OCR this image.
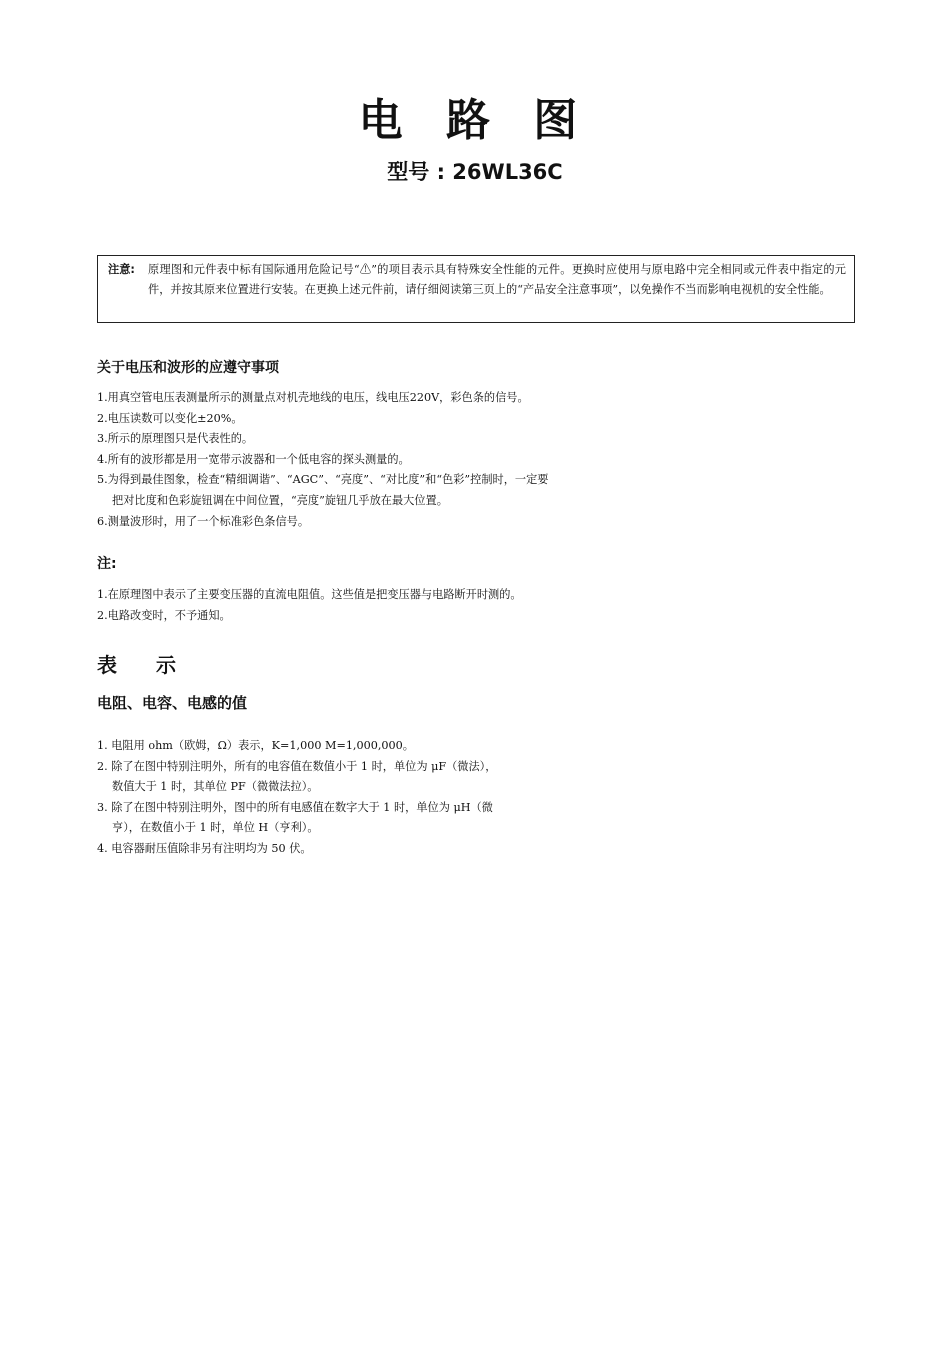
电 路 图
型号 : 26WL36C
注意: 原理图和元件表中标有国际通用危险记号“⚠”的项目表示具有特殊安全性能的元件。更换时应使用与原电路中完全相同或元件表中指定的元件，并按其原来位置进行安装。在更换上述元件前，请仔细阅读第三页上的“产品安全注意事项”，以免操作不当而影响电视机的安全性能。
关于电压和波形的应遵守事项
1.用真空管电压表测量所示的测量点对机壳地线的电压，线电压220V，彩色条的信号。
2.电压读数可以变化±20%。
3.所示的原理图只是代表性的。
4.所有的波形都是用一宽带示波器和一个低电容的探头测量的。
5.为得到最佳图象，检查“精细调谐”、“AGC”、“亮度”、“对比度”和“色彩”控制时，一定要
把对比度和色彩旋钮调在中间位置，“亮度”旋钮几乎放在最大位置。
6.测量波形时，用了一个标准彩色条信号。
注:
1.在原理图中表示了主要变压器的直流电阻值。这些值是把变压器与电路断开时测的。
2.电路改变时，不予通知。
表 示
电阻、电容、电感的值
1. 电阻用 ohm（欧姆，Ω）表示，K=1,000 M=1,000,000。
2. 除了在图中特别注明外，所有的电容值在数值小于 1 时，单位为 μF（微法），
数值大于 1 时，其单位 PF（微微法拉）。
3. 除了在图中特别注明外，图中的所有电感值在数字大于 1 时，单位为 μH（微
亨），在数值小于 1 时，单位 H（亨利）。
4. 电容器耐压值除非另有注明均为 50 伏。
